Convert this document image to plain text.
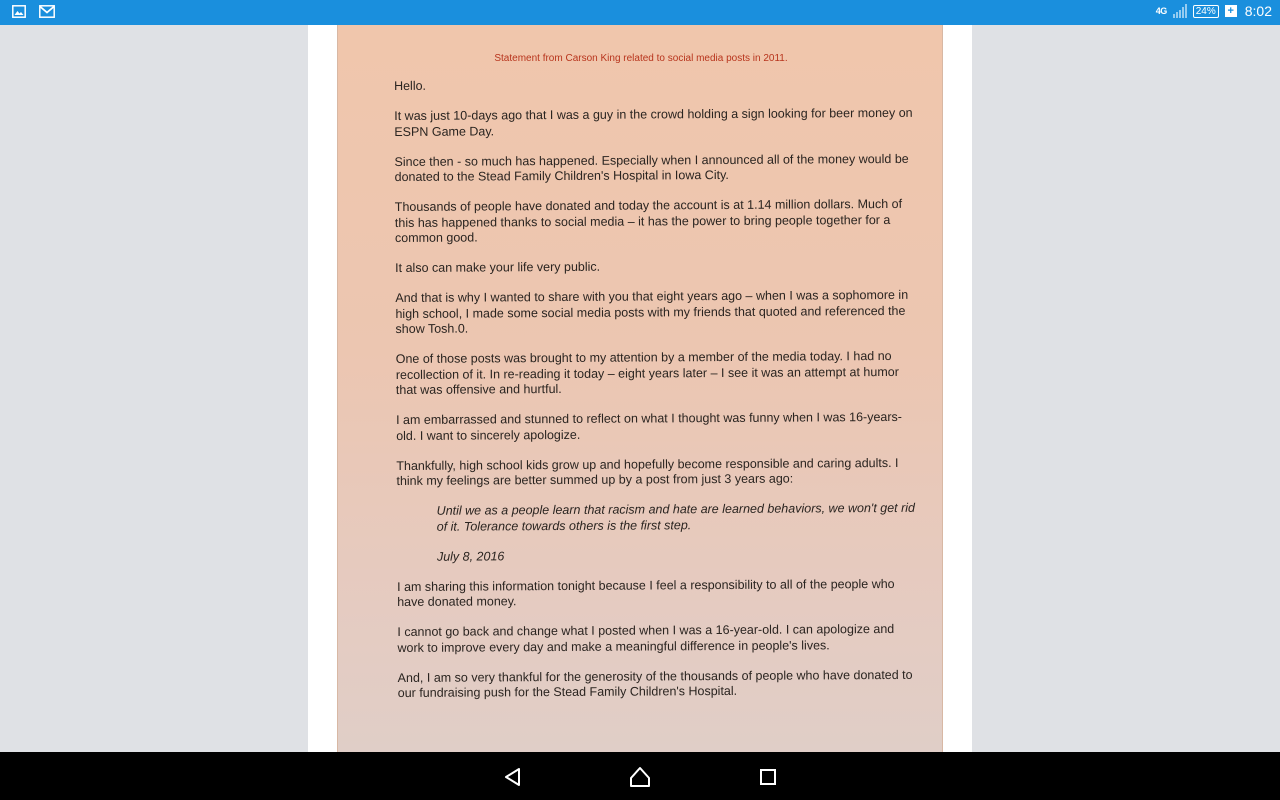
4G	24% + 8:02
Statement from Carson King related to social media posts in 2011.

Hello.

It was just 10-days ago that I was a guy in the crowd holding a sign looking for beer money on ESPN Game Day.

Since then - so much has happened. Especially when I announced all of the money would be donated to the Stead Family Children's Hospital in Iowa City.

Thousands of people have donated and today the account is at 1.14 million dollars. Much of this has happened thanks to social media – it has the power to bring people together for a common good.

It also can make your life very public.

And that is why I wanted to share with you that eight years ago – when I was a sophomore in high school, I made some social media posts with my friends that quoted and referenced the show Tosh.0.

One of those posts was brought to my attention by a member of the media today. I had no recollection of it. In re-reading it today – eight years later – I see it was an attempt at humor that was offensive and hurtful.

I am embarrassed and stunned to reflect on what I thought was funny when I was 16-years-old. I want to sincerely apologize.

Thankfully, high school kids grow up and hopefully become responsible and caring adults. I think my feelings are better summed up by a post from just 3 years ago:

Until we as a people learn that racism and hate are learned behaviors, we won't get rid of it. Tolerance towards others is the first step.

July 8, 2016

I am sharing this information tonight because I feel a responsibility to all of the people who have donated money.

I cannot go back and change what I posted when I was a 16-year-old. I can apologize and work to improve every day and make a meaningful difference in people's lives.

And, I am so very thankful for the generosity of the thousands of people who have donated to our fundraising push for the Stead Family Children's Hospital.
